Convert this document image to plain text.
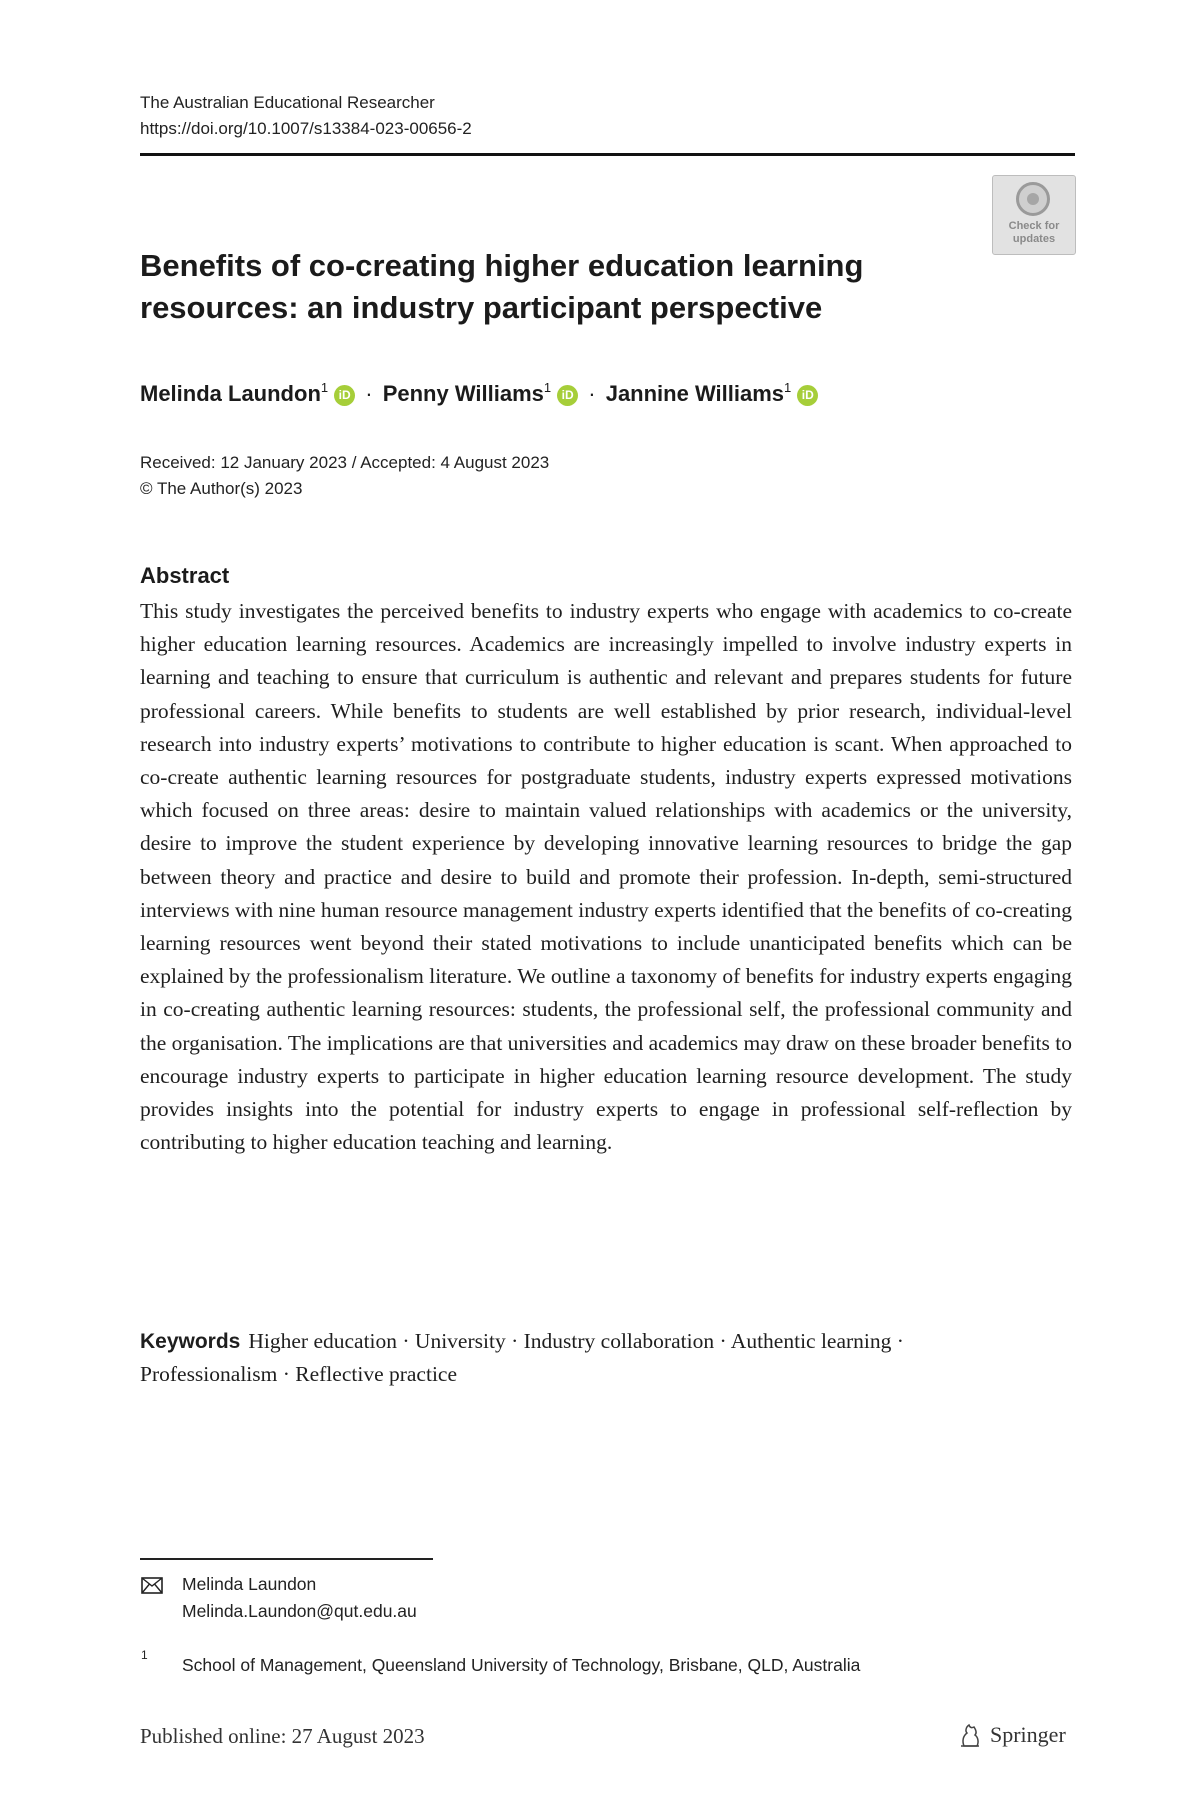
The Australian Educational Researcher
https://doi.org/10.1007/s13384-023-00656-2
Check for
updates
Benefits of co-creating higher education learning
resources: an industry participant perspective
Melinda Laundon$^1$ iD · Penny Williams$^1$ iD · Jannine Williams$^1$ iD
Received: 12 January 2023 / Accepted: 4 August 2023
© The Author(s) 2023
Abstract

This study investigates the perceived benefits to industry experts who engage with academics to co-create higher education learning resources. Academics are increasingly impelled to involve industry experts in learning and teaching to ensure that curriculum is authentic and relevant and prepares students for future professional careers. While benefits to students are well established by prior research, individual-level research into industry experts’ motivations to contribute to higher education is scant. When approached to co-create authentic learning resources for postgraduate students, industry experts expressed motivations which focused on three areas: desire to maintain valued relationships with academics or the university, desire to improve the student experience by developing innovative learning resources to bridge the gap between theory and practice and desire to build and promote their profession. In-depth, semi-structured interviews with nine human resource management industry experts identified that the benefits of co-creating learning resources went beyond their stated motivations to include unanticipated benefits which can be explained by the professionalism literature. We outline a taxonomy of benefits for industry experts engaging in co-creating authentic learning resources: students, the professional self, the professional community and the organisation. The implications are that universities and academics may draw on these broader benefits to encourage industry experts to participate in higher education learning resource development. The study provides insights into the potential for industry experts to engage in professional self-reflection by contributing to higher education teaching and learning.

Keywords Higher education · University · Industry collaboration · Authentic learning · Professionalism · Reflective practice
Melinda Laundon
Melinda.Laundon@qut.edu.au
1 School of Management, Queensland University of Technology, Brisbane, QLD, Australia
Published online: 27 August 2023	Springer
